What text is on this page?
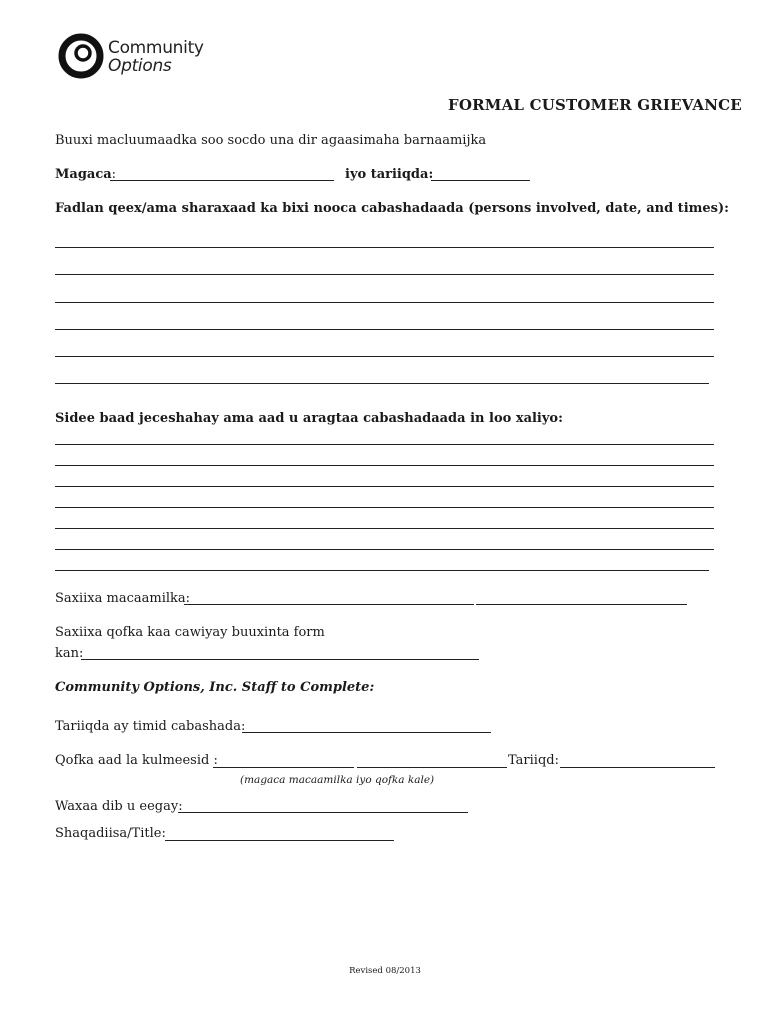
Community
Options
FORMAL CUSTOMER GRIEVANCE
Buuxi macluumaadka soo socdo una dir agaasimaha barnaamijka
Magaca:	iyo tariiqda:
Fadlan qeex/ama sharaxaad ka bixi nooca cabashadaada (persons involved, date, and times):
Sidee baad jeceshahay ama aad u aragtaa cabashadaada in loo xaliyo:
Saxiixa macaamilka:
Saxiixa qofka kaa cawiyay buuxinta form
kan:
Community Options, Inc. Staff to Complete:
Tariiqda ay timid cabashada:
Qofka aad la kulmeesid :	Tariiqd:
(magaca macaamilka iyo qofka kale)
Waxaa dib u eegay:
Shaqadiisa/Title:
Revised 08/2013
